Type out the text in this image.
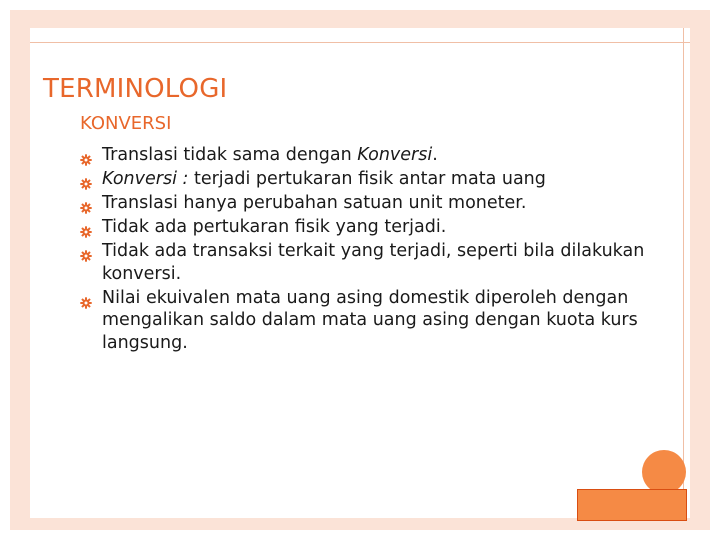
TERMINOLOGI
KONVERSI
Translasi tidak sama dengan Konversi.
Konversi : terjadi pertukaran fisik antar mata uang
Translasi hanya perubahan satuan unit moneter.
Tidak ada pertukaran fisik yang terjadi.
Tidak ada transaksi terkait yang terjadi, seperti bila dilakukan konversi.
Nilai ekuivalen mata uang asing domestik diperoleh dengan mengalikan saldo dalam mata uang asing dengan kuota kurs langsung.
